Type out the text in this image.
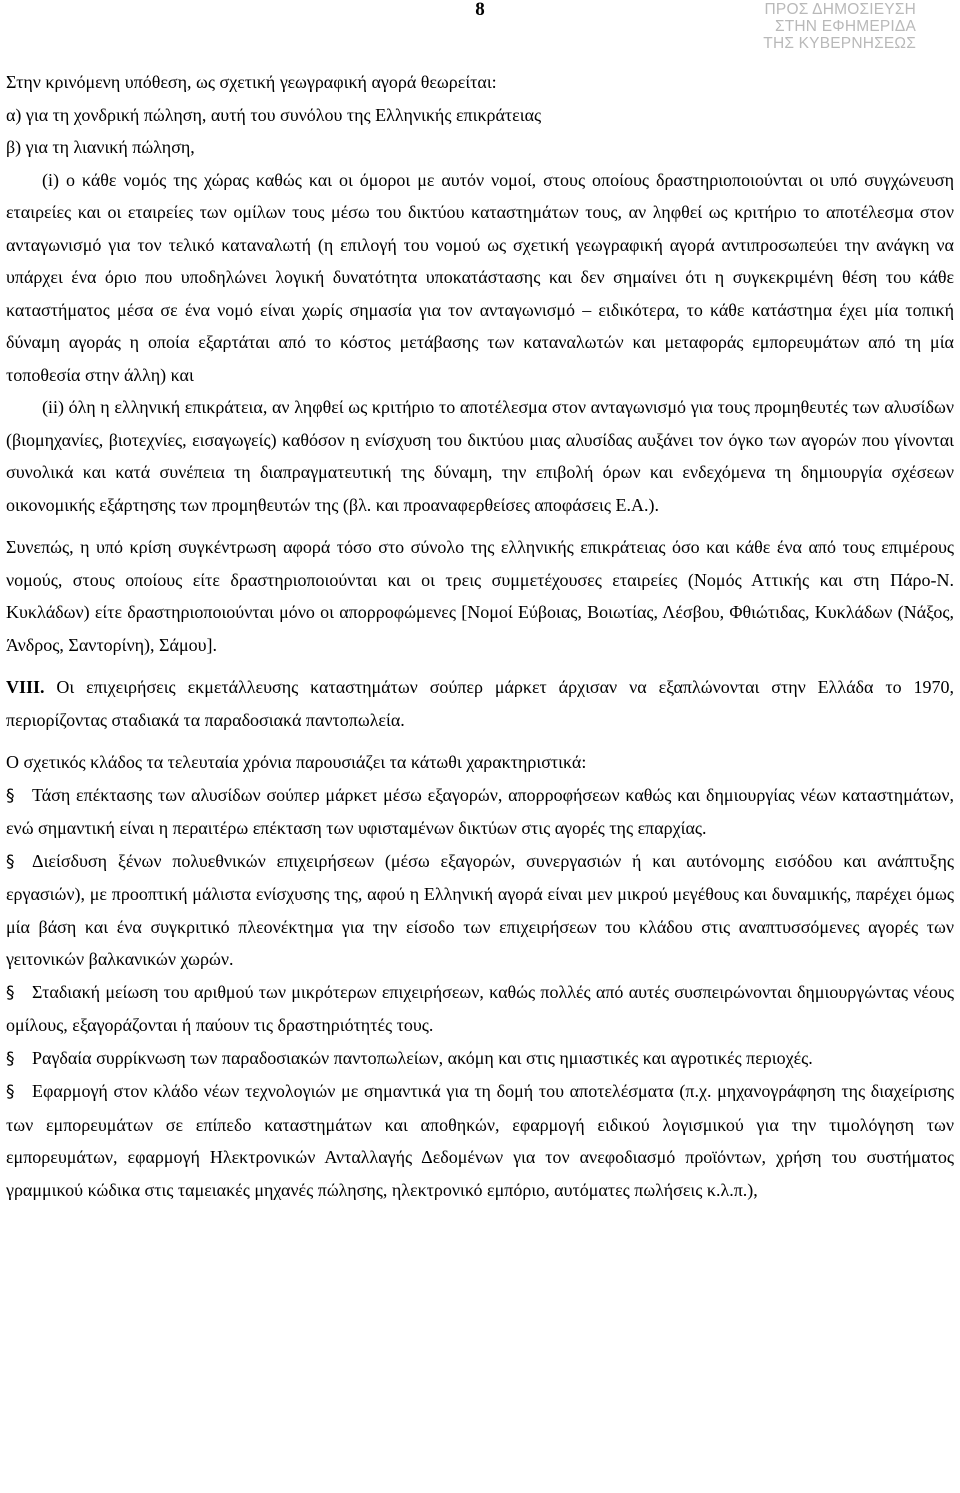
8	ΠΡΟΣ ΔΗΜΟΣΙΕΥΣΗ
ΣΤΗΝ ΕΦΗΜΕΡΙΔΑ
ΤΗΣ ΚΥΒΕΡΝΗΣΕΩΣ

Στην κρινόμενη υπόθεση, ως σχετική γεωγραφική αγορά θεωρείται:

α) για τη χονδρική πώληση, αυτή του συνόλου της Ελληνικής επικράτειας

β) για τη λιανική πώληση,

(i) ο κάθε νομός της χώρας καθώς και οι όμοροι με αυτόν νομοί, στους οποίους δραστηριοποιούνται οι υπό συγχώνευση εταιρείες και οι εταιρείες των ομίλων τους μέσω του δικτύου καταστημάτων τους, αν ληφθεί ως κριτήριο το αποτέλεσμα στον ανταγωνισμό για τον τελικό καταναλωτή (η επιλογή του νομού ως σχετική γεωγραφική αγορά αντιπροσωπεύει την ανάγκη να υπάρχει ένα όριο που υποδηλώνει λογική δυνατότητα υποκατάστασης και δεν σημαίνει ότι η συγκεκριμένη θέση του κάθε καταστήματος μέσα σε ένα νομό είναι χωρίς σημασία για τον ανταγωνισμό – ειδικότερα, το κάθε κατάστημα έχει μία τοπική δύναμη αγοράς η οποία εξαρτάται από το κόστος μετάβασης των καταναλωτών και μεταφοράς εμπορευμάτων από τη μία τοποθεσία στην άλλη) και

(ii) όλη η ελληνική επικράτεια, αν ληφθεί ως κριτήριο το αποτέλεσμα στον ανταγωνισμό για τους προμηθευτές των αλυσίδων (βιομηχανίες, βιοτεχνίες, εισαγωγείς) καθόσον η ενίσχυση του δικτύου μιας αλυσίδας αυξάνει τον όγκο των αγορών που γίνονται συνολικά και κατά συνέπεια τη διαπραγματευτική της δύναμη, την επιβολή όρων και ενδεχόμενα τη δημιουργία σχέσεων οικονομικής εξάρτησης των προμηθευτών της (βλ. και προαναφερθείσες αποφάσεις Ε.Α.).

Συνεπώς, η υπό κρίση συγκέντρωση αφορά τόσο στο σύνολο της ελληνικής επικράτειας όσο και κάθε ένα από τους επιμέρους νομούς, στους οποίους είτε δραστηριοποιούνται και οι τρεις συμμετέχουσες εταιρείες (Νομός Αττικής και στη Πάρο-Ν. Κυκλάδων) είτε δραστηριοποιούνται μόνο οι απορροφώμενες [Νομοί Εύβοιας, Βοιωτίας, Λέσβου, Φθιώτιδας, Κυκλάδων (Νάξος, Άνδρος, Σαντορίνη), Σάμου].

VIII. Οι επιχειρήσεις εκμετάλλευσης καταστημάτων σούπερ μάρκετ άρχισαν να εξαπλώνονται στην Ελλάδα το 1970, περιορίζοντας σταδιακά τα παραδοσιακά παντοπωλεία.

Ο σχετικός κλάδος τα τελευταία χρόνια παρουσιάζει τα κάτωθι χαρακτηριστικά:

§ Τάση επέκτασης των αλυσίδων σούπερ μάρκετ μέσω εξαγορών, απορροφήσεων καθώς και δημιουργίας νέων καταστημάτων, ενώ σημαντική είναι η περαιτέρω επέκταση των υφισταμένων δικτύων στις αγορές της επαρχίας.

§ Διείσδυση ξένων πολυεθνικών επιχειρήσεων (μέσω εξαγορών, συνεργασιών ή και αυτόνομης εισόδου και ανάπτυξης εργασιών), με προοπτική μάλιστα ενίσχυσης της, αφού η Ελληνική αγορά είναι μεν μικρού μεγέθους και δυναμικής, παρέχει όμως μία βάση και ένα συγκριτικό πλεονέκτημα για την είσοδο των επιχειρήσεων του κλάδου στις αναπτυσσόμενες αγορές των γειτονικών βαλκανικών χωρών.

§ Σταδιακή μείωση του αριθμού των μικρότερων επιχειρήσεων, καθώς πολλές από αυτές συσπειρώνονται δημιουργώντας νέους ομίλους, εξαγοράζονται ή παύουν τις δραστηριότητές τους.

§ Ραγδαία συρρίκνωση των παραδοσιακών παντοπωλείων, ακόμη και στις ημιαστικές και αγροτικές περιοχές.

§ Εφαρμογή στον κλάδο νέων τεχνολογιών με σημαντικά για τη δομή του αποτελέσματα (π.χ. μηχανογράφηση της διαχείρισης των εμπορευμάτων σε επίπεδο καταστημάτων και αποθηκών, εφαρμογή ειδικού λογισμικού για την τιμολόγηση των εμπορευμάτων, εφαρμογή Ηλεκτρονικών Ανταλλαγής Δεδομένων για τον ανεφοδιασμό προϊόντων, χρήση του συστήματος γραμμικού κώδικα στις ταμειακές μηχανές πώλησης, ηλεκτρονικό εμπόριο, αυτόματες πωλήσεις κ.λ.π.),
